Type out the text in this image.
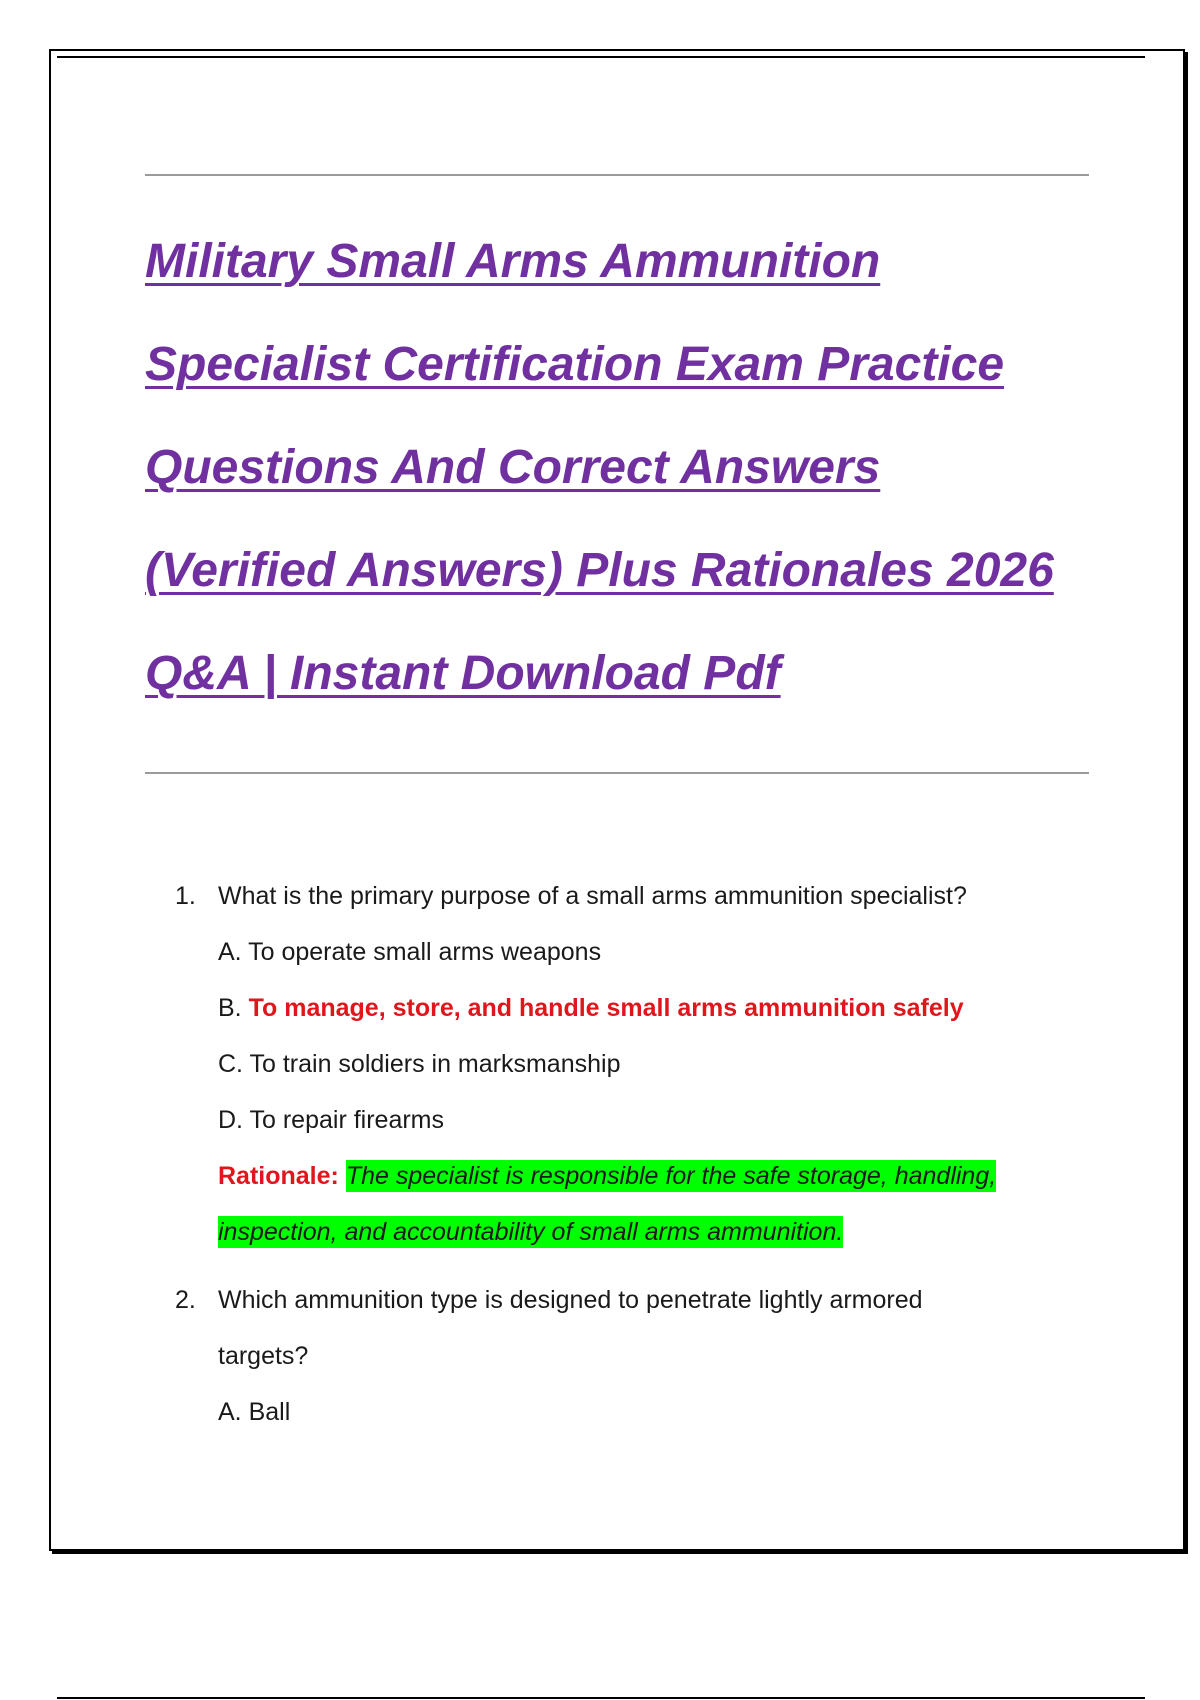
Military Small Arms Ammunition
Specialist Certification Exam Practice
Questions And Correct Answers
(Verified Answers) Plus Rationales 2026
Q&A | Instant Download Pdf
1. What is the primary purpose of a small arms ammunition specialist?
A. To operate small arms weapons
B. To manage, store, and handle small arms ammunition safely
C. To train soldiers in marksmanship
D. To repair firearms
Rationale: The specialist is responsible for the safe storage, handling,
inspection, and accountability of small arms ammunition.
2. Which ammunition type is designed to penetrate lightly armored
targets?
A. Ball
